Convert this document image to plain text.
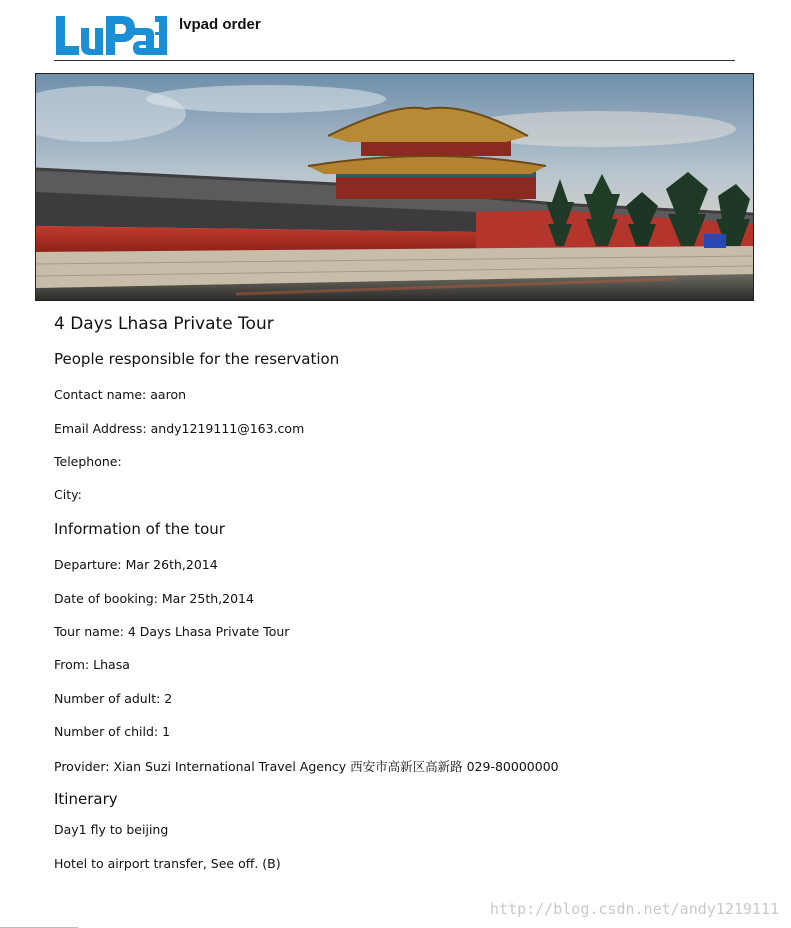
lvpad order
4 Days Lhasa Private Tour
People responsible for the reservation
Contact name: aaron
Email Address: andy1219111@163.com
Telephone:
City:
Information of the tour
Departure: Mar 26th,2014
Date of booking: Mar 25th,2014
Tour name: 4 Days Lhasa Private Tour
From: Lhasa
Number of adult: 2
Number of child: 1
Provider: Xian Suzi International Travel Agency 西安市高新区高新路 029-80000000
Itinerary
Day1 fly to beijing
Hotel to airport transfer, See off. (B)
http://blog.csdn.net/andy1219111
